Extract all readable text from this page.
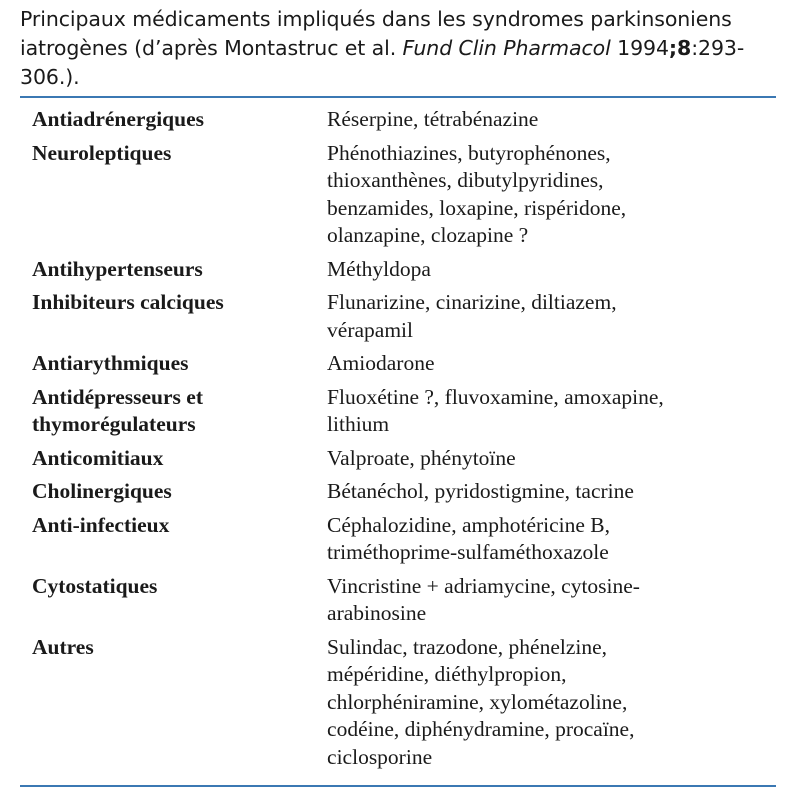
Principaux médicaments impliqués dans les syndromes parkinsoniens iatrogènes (d’après Montastruc et al. Fund Clin Pharmacol 1994;8:293-306.).
Antiadrénergiques	Réserpine, tétrabénazine

Neuroleptiques	Phénothiazines, butyrophénones,
thioxanthènes, dibutylpyridines,
benzamides, loxapine, rispéridone,
olanzapine, clozapine ?

Antihypertenseurs	Méthyldopa

Inhibiteurs calciques	Flunarizine, cinarizine, diltiazem,
vérapamil

Antiarythmiques	Amiodarone

Antidépresseurs et
thymorégulateurs	Fluoxétine ?, fluvoxamine, amoxapine,
lithium

Anticomitiaux	Valproate, phénytoïne

Cholinergiques	Bétanéchol, pyridostigmine, tacrine

Anti-infectieux	Céphalozidine, amphotéricine B,
triméthoprime-sulfaméthoxazole

Cytostatiques	Vincristine + adriamycine, cytosine-
arabinosine

Autres	Sulindac, trazodone, phénelzine,
mépéridine, diéthylpropion,
chlorphéniramine, xylométazoline,
codéine, diphénydramine, procaïne,
ciclosporine
